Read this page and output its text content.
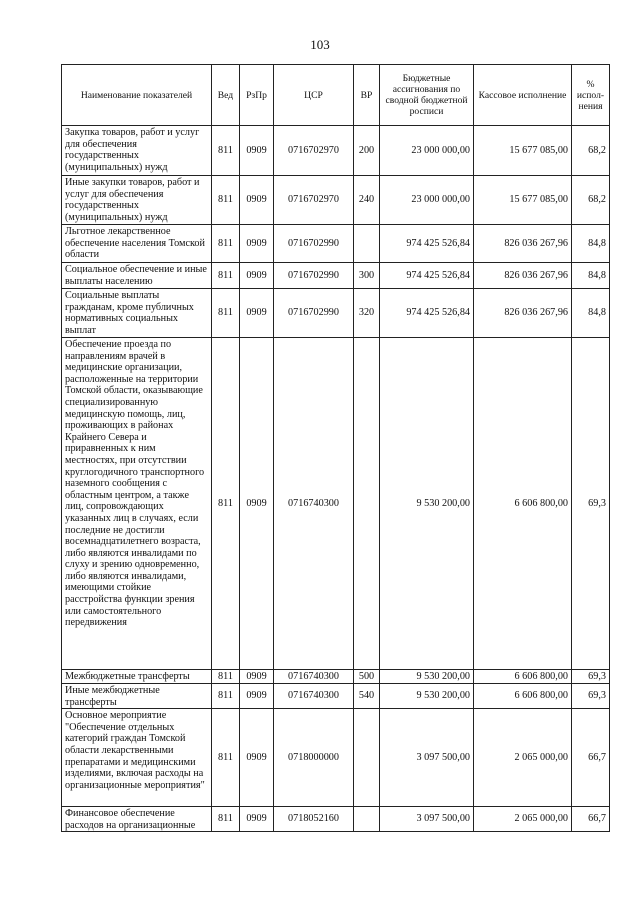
103
Наименование показателей	Вед	РзПр	ЦСР	ВР	Бюджетные ассигнования по сводной бюджетной росписи	Кассовое исполнение	% испол-нения
Закупка товаров, работ и услуг для обеспечения государственных (муниципальных) нужд	811	0909	0716702970	200	23 000 000,00	15 677 085,00	68,2
Иные закупки товаров, работ и услуг для обеспечения государственных (муниципальных) нужд	811	0909	0716702970	240	23 000 000,00	15 677 085,00	68,2
Льготное лекарственное обеспечение населения Томской области	811	0909	0716702990		974 425 526,84	826 036 267,96	84,8
Социальное обеспечение и иные выплаты населению	811	0909	0716702990	300	974 425 526,84	826 036 267,96	84,8
Социальные выплаты гражданам, кроме публичных нормативных социальных выплат	811	0909	0716702990	320	974 425 526,84	826 036 267,96	84,8
Обеспечение проезда по направлениям врачей в медицинские организации, расположенные на территории Томской области, оказывающие специализированную медицинскую помощь, лиц, проживающих в районах Крайнего Севера и приравненных к ним местностях, при отсутствии круглогодичного транспортного наземного сообщения с областным центром, а также лиц, сопровождающих указанных лиц в случаях, если последние не достигли восемнадцатилетнего возраста, либо являются инвалидами по слуху и зрению одновременно, либо являются инвалидами, имеющими стойкие расстройства функции зрения или самостоятельного передвижения	811	0909	0716740300		9 530 200,00	6 606 800,00	69,3
Межбюджетные трансферты	811	0909	0716740300	500	9 530 200,00	6 606 800,00	69,3
Иные межбюджетные трансферты	811	0909	0716740300	540	9 530 200,00	6 606 800,00	69,3
Основное мероприятие "Обеспечение отдельных категорий граждан Томской области лекарственными препаратами и медицинскими изделиями, включая расходы на организационные мероприятия"	811	0909	0718000000		3 097 500,00	2 065 000,00	66,7

Финансовое обеспечение расходов на организационные	811	0909	0718052160		3 097 500,00	2 065 000,00	66,7
